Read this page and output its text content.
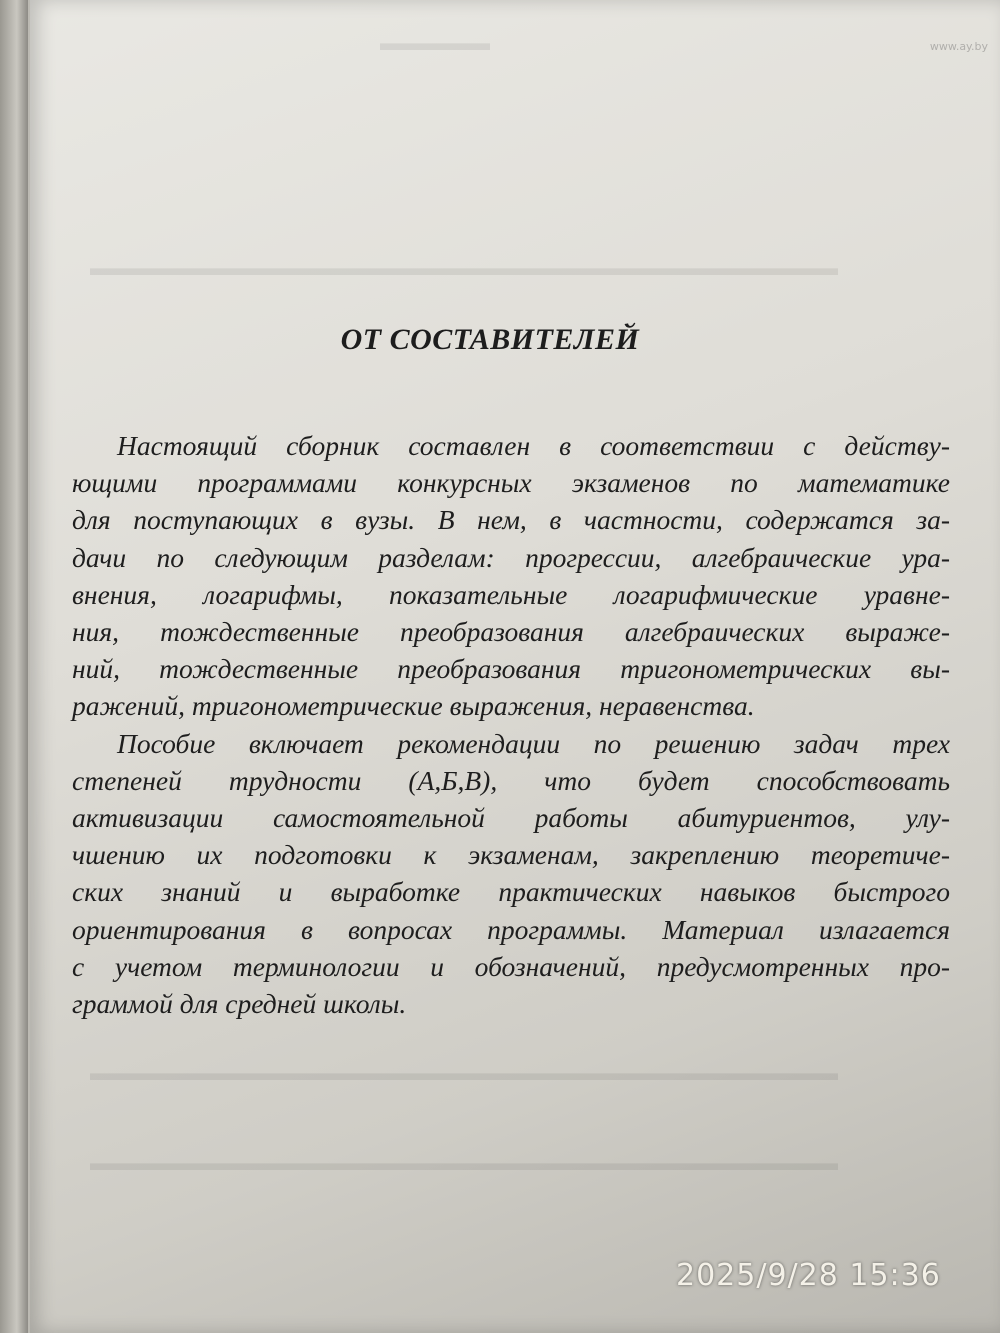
▬▬▬▬▬
▬▬▬▬▬▬▬▬▬▬▬▬▬▬▬▬▬▬▬▬▬▬▬▬▬▬▬▬▬▬▬▬▬▬
▬▬▬▬▬▬▬▬▬▬▬▬▬▬▬▬▬▬▬▬▬▬▬▬▬▬▬▬▬▬▬▬▬▬
▬▬▬▬▬▬▬▬▬▬▬▬▬▬▬▬▬▬▬▬▬▬▬▬▬▬▬▬▬▬▬▬▬▬
www.ay.by
ОТ СОСТАВИТЕЛЕЙ

Настоящий сборник составлен в соответствии с действу-
ющими программами конкурсных экзаменов по математике
для поступающих в вузы. В нем, в частности, содержатся за-
дачи по следующим разделам: прогрессии, алгебраические ура-
внения, логарифмы, показательные логарифмические уравне-
ния, тождественные преобразования алгебраических выраже-
ний, тождественные преобразования тригонометрических вы-
ражений, тригонометрические выражения, неравенства.

Пособие включает рекомендации по решению задач трех
степеней трудности (А,Б,В), что будет способствовать
активизации самостоятельной работы абитуриентов, улу-
чшению их подготовки к экзаменам, закреплению теоретиче-
ских знаний и выработке практических навыков быстрого
ориентирования в вопросах программы. Материал излагается
с учетом терминологии и обозначений, предусмотренных про-
граммой для средней школы.

2025/9/28 15:36
